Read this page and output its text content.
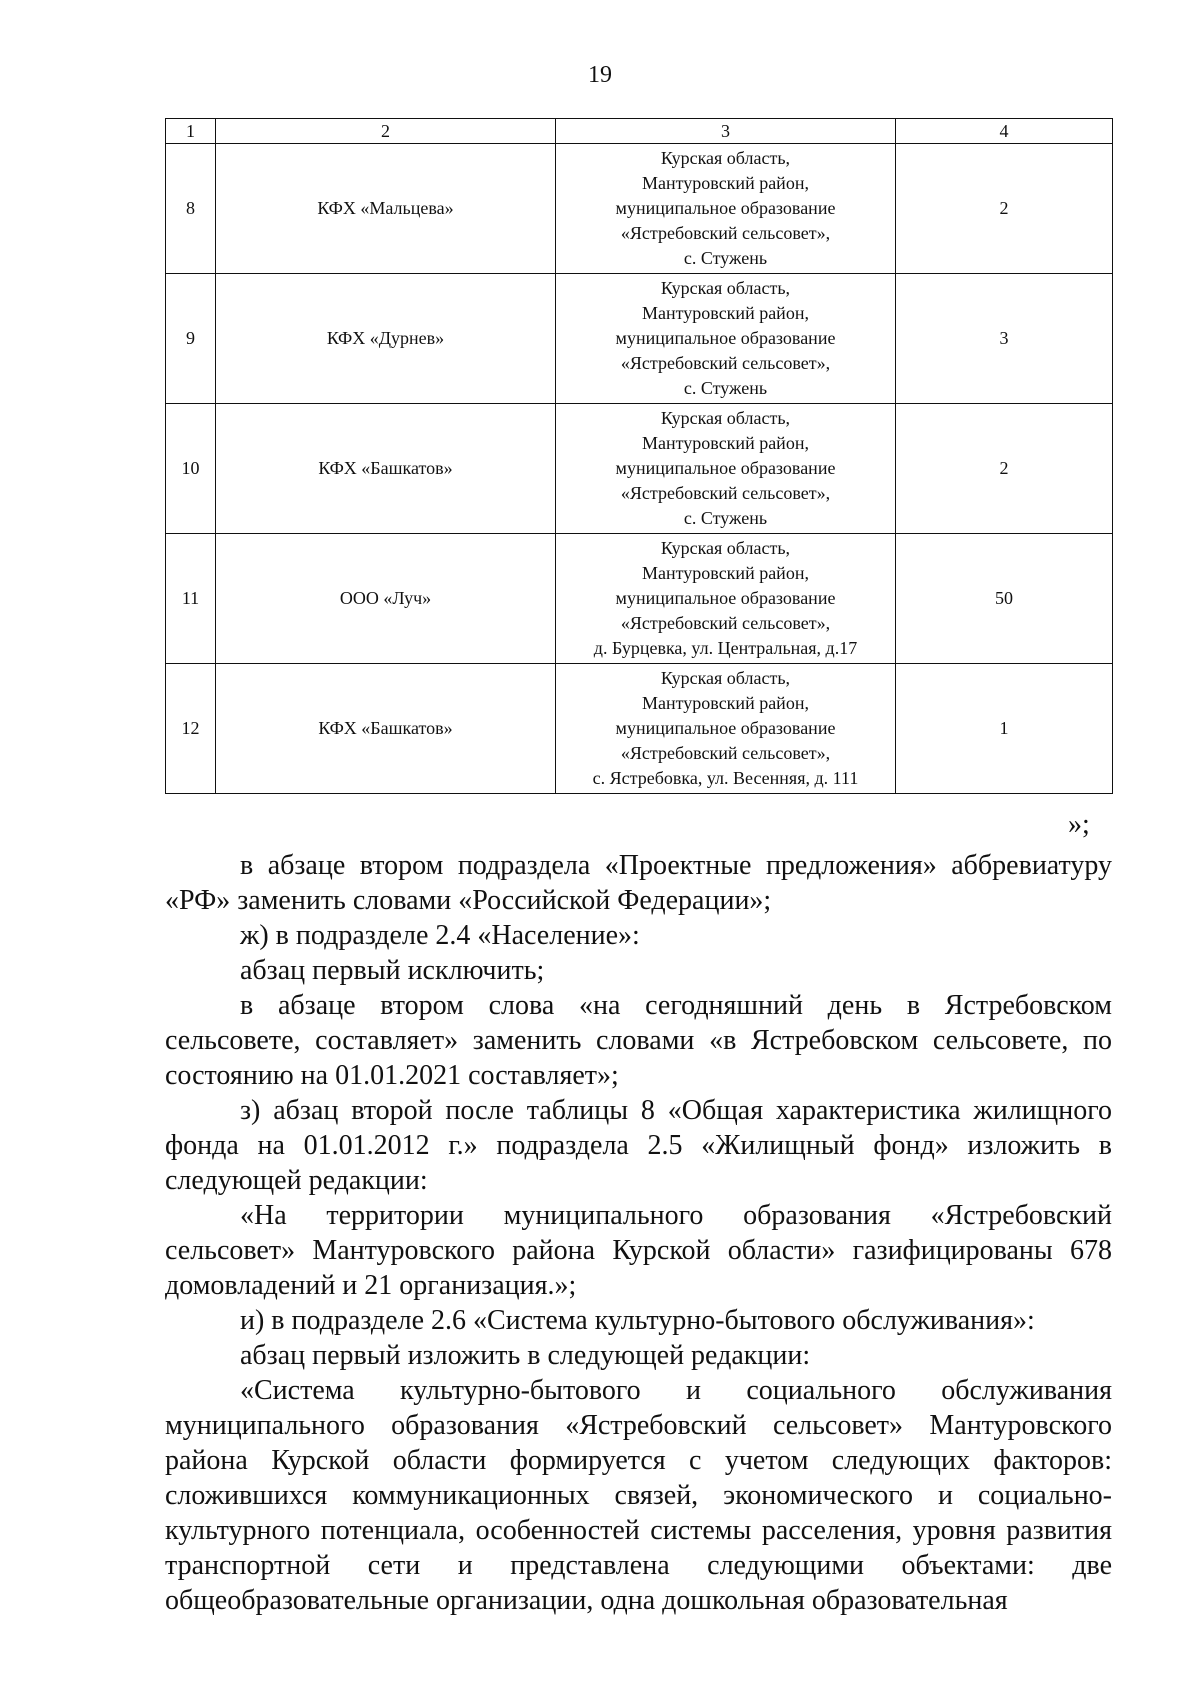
19
1	2	3	4
8	КФХ «Мальцева»	Курская область,
Мантуровский район,
муниципальное образование
«Ястребовский сельсовет»,
с. Стужень	2
9	КФХ «Дурнев»	Курская область,
Мантуровский район,
муниципальное образование
«Ястребовский сельсовет»,
с. Стужень	3
10	КФХ «Башкатов»	Курская область,
Мантуровский район,
муниципальное образование
«Ястребовский сельсовет»,
с. Стужень	2
11	ООО «Луч»	Курская область,
Мантуровский район,
муниципальное образование
«Ястребовский сельсовет»,
д. Бурцевка, ул. Центральная, д.17	50
12	КФХ «Башкатов»	Курская область,
Мантуровский район,
муниципальное образование
«Ястребовский сельсовет»,
с. Ястребовка, ул. Весенняя, д. 111	1
»;

в абзаце втором подраздела «Проектные предложения» аббревиатуру «РФ» заменить словами «Российской Федерации»;

ж) в подразделе 2.4 «Население»:

абзац первый исключить;

в абзаце втором слова «на сегодняшний день в Ястребовском сельсовете, составляет» заменить словами «в Ястребовском сельсовете, по состоянию на 01.01.2021 составляет»;

з) абзац второй после таблицы 8 «Общая характеристика жилищного фонда на 01.01.2012 г.» подраздела 2.5 «Жилищный фонд» изложить в следующей редакции:

«На территории муниципального образования «Ястребовский сельсовет» Мантуровского района Курской области» газифицированы 678 домовладений и 21 организация.»;

и) в подразделе 2.6 «Система культурно-бытового обслуживания»:

абзац первый изложить в следующей редакции:

«Система культурно-бытового и социального обслуживания муниципального образования «Ястребовский сельсовет» Мантуровского района Курской области формируется с учетом следующих факторов: сложившихся коммуникационных связей, экономического и социально-культурного потенциала, особенностей системы расселения, уровня развития транспортной сети и представлена следующими объектами: две общеобразовательные организации, одна дошкольная образовательная
